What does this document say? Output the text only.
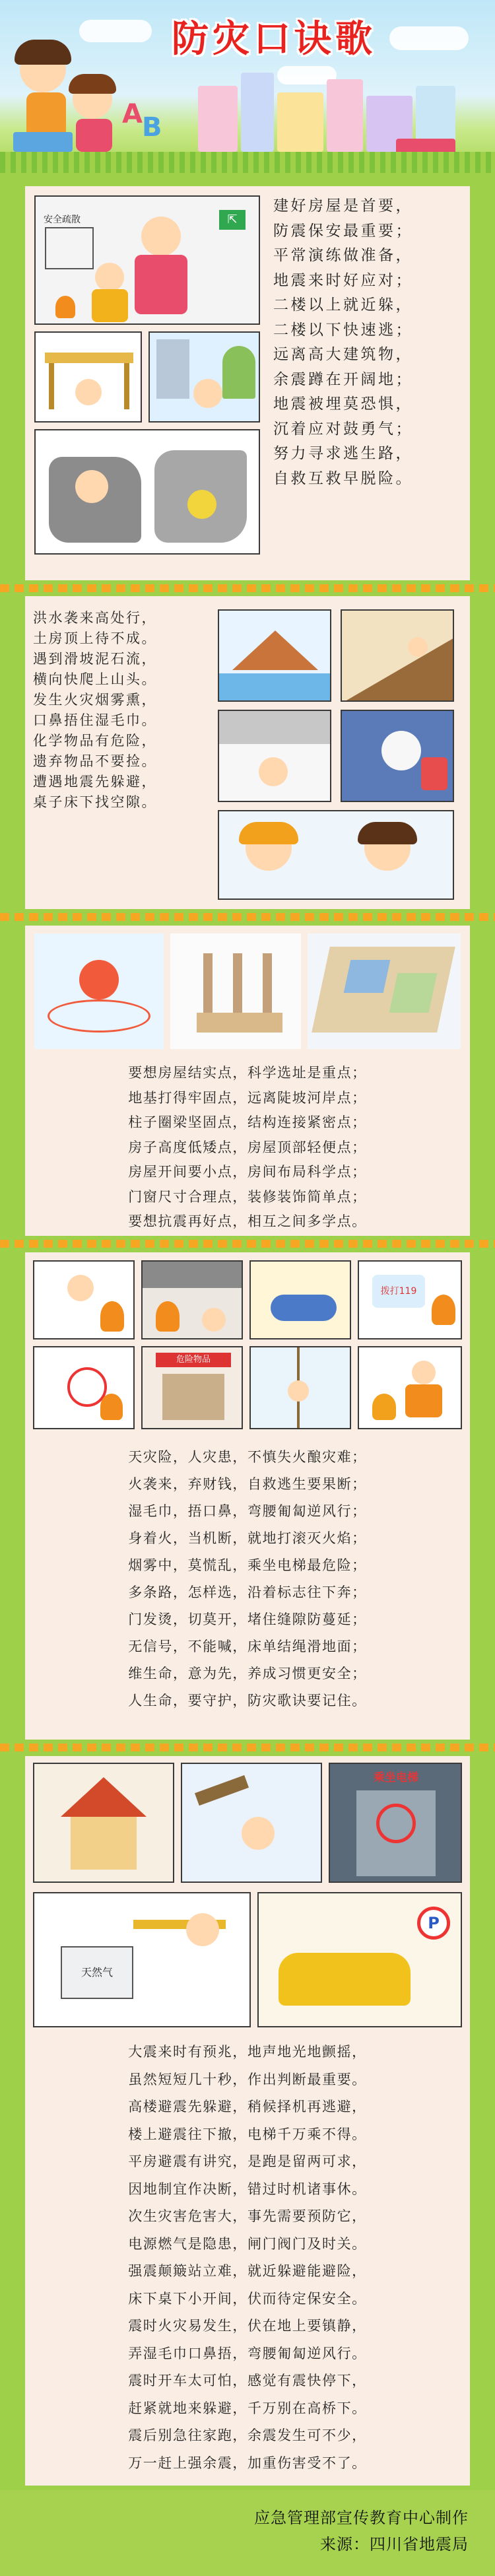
A B
防灾口诀歌
安全疏散	⇱
建好房屋是首要，
防震保安最重要；
平常演练做准备，
地震来时好应对；
二楼以上就近躲，
二楼以下快速逃；
远离高大建筑物，
余震蹲在开阔地；
地震被埋莫恐惧，
沉着应对鼓勇气；
努力寻求逃生路，
自救互救早脱险。
洪水袭来高处行，
土房顶上待不成。
遇到滑坡泥石流，
横向快爬上山头。
发生火灾烟雾熏，
口鼻捂住湿毛巾。
化学物品有危险，
遗弃物品不要捡。
遭遇地震先躲避，
桌子床下找空隙。
要想房屋结实点，科学选址是重点；
地基打得牢固点，远离陡坡河岸点；
柱子圈梁坚固点，结构连接紧密点；
房子高度低矮点，房屋顶部轻便点；
房屋开间要小点，房间布局科学点；
门窗尺寸合理点，装修装饰简单点；
要想抗震再好点，相互之间多学点。
拨打119
危险物品
天灾险，人灾患，不慎失火酿灾难；
火袭来，弃财钱，自救逃生要果断；
湿毛巾，捂口鼻，弯腰匍匐逆风行；
身着火，当机断，就地打滚灭火焰；
烟雾中，莫慌乱，乘坐电梯最危险；
多条路，怎样选，沿着标志往下奔；
门发烫，切莫开，堵住缝隙防蔓延；
无信号，不能喊，床单结绳滑地面；
维生命，意为先，养成习惯更安全；
人生命，要守护，防灾歌诀要记住。
乘坐电梯
天然气
P
大震来时有预兆，地声地光地颤摇，
虽然短短几十秒，作出判断最重要。
高楼避震先躲避，稍候择机再逃避，
楼上避震往下撤，电梯千万乘不得。
平房避震有讲究，是跑是留两可求，
因地制宜作决断，错过时机诸事休。
次生灾害危害大，事先需要预防它，
电源燃气是隐患，闸门阀门及时关。
强震颠簸站立难，就近躲避能避险，
床下桌下小开间，伏而待定保安全。
震时火灾易发生，伏在地上要镇静，
弄湿毛巾口鼻捂，弯腰匍匐逆风行。
震时开车太可怕，感觉有震快停下，
赶紧就地来躲避，千万别在高桥下。
震后别急往家跑，余震发生可不少，
万一赶上强余震，加重伤害受不了。
应急管理部宣传教育中心制作
来源：四川省地震局
